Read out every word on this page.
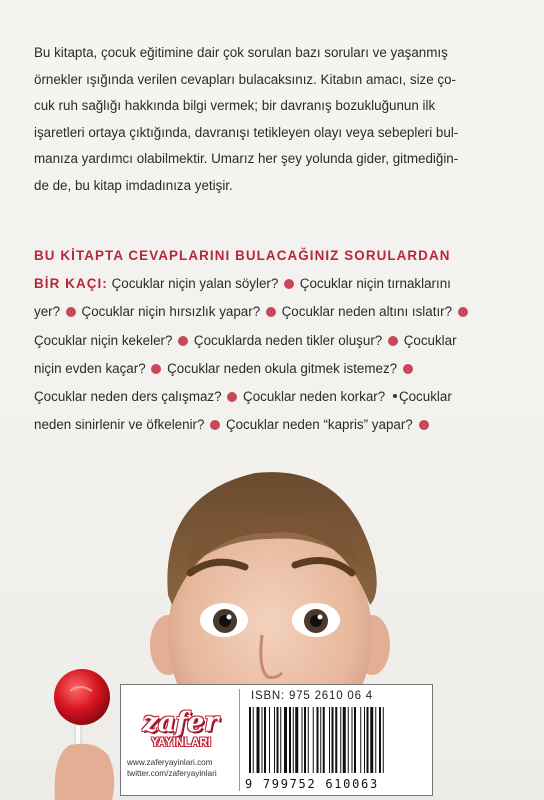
Bu kitapta, çocuk eğitimine dair çok sorulan bazı soruları ve yaşanmış
örnekler ışığında verilen cevapları bulacaksınız. Kitabın amacı, size ço-
cuk ruh sağlığı hakkında bilgi vermek; bir davranış bozukluğunun ilk
işaretleri ortaya çıktığında, davranışı tetikleyen olayı veya sebepleri bul-
manıza yardımcı olabilmektir. Umarız her şey yolunda gider, gitmediğin-
de de, bu kitap imdadınıza yetişir.
BU KİTAPTA CEVAPLARINI BULACAĞINIZ SORULARDAN
BİR KAÇI: Çocuklar niçin yalan söyler? Çocuklar niçin tırnaklarını
yer? Çocuklar niçin hırsızlık yapar? Çocuklar neden altını ıslatır?
Çocuklar niçin kekeler? Çocuklarda neden tikler oluşur? Çocuklar
niçin evden kaçar? Çocuklar neden okula gitmek istemez?
Çocuklar neden ders çalışmaz? Çocuklar neden korkar? Çocuklar
neden sinirlenir ve öfkelenir? Çocuklar neden “kapris” yapar?
zafer
YAYINLARI
www.zaferyayinlari.com
twitter.com/zaferyayinlari
ISBN: 975 2610 06 4
9 799752 610063
